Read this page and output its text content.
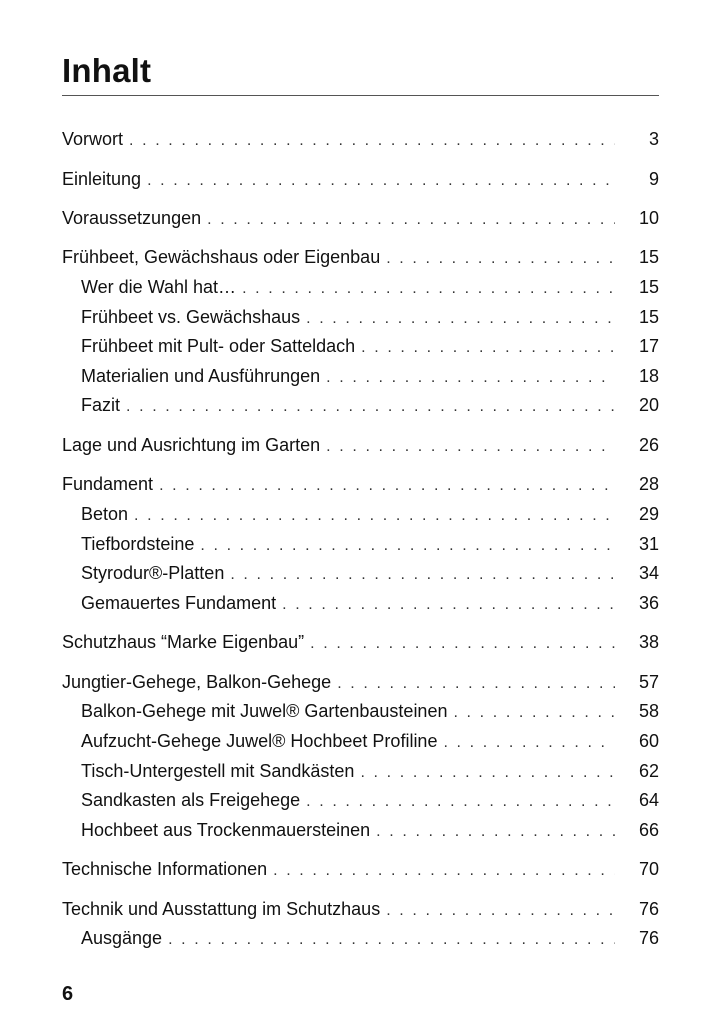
Inhalt
Vorwort . . .	3
Einleitung . . .	9
Voraussetzungen . . .	10
Frühbeet, Gewächshaus oder Eigenbau . . .	15
Wer die Wahl hat… . . .	15
Frühbeet vs. Gewächshaus . . .	15
Frühbeet mit Pult- oder Satteldach . . .	17
Materialien und Ausführungen . . .	18
Fazit . . .	20
Lage und Ausrichtung im Garten . . .	26
Fundament . . .	28
Beton . . .	29
Tiefbordsteine . . .	31
Styrodur®-Platten . . .	34
Gemauertes Fundament . . .	36
Schutzhaus “Marke Eigenbau” . . .	38
Jungtier-Gehege, Balkon-Gehege . . .	57
Balkon-Gehege mit Juwel® Gartenbausteinen . . .	58
Aufzucht-Gehege Juwel® Hochbeet Profiline . . .	60
Tisch-Untergestell mit Sandkästen . . .	62
Sandkasten als Freigehege . . .	64
Hochbeet aus Trockenmauersteinen . . .	66
Technische Informationen . . .	70
Technik und Ausstattung im Schutzhaus . . .	76
Ausgänge . . .	76
6
